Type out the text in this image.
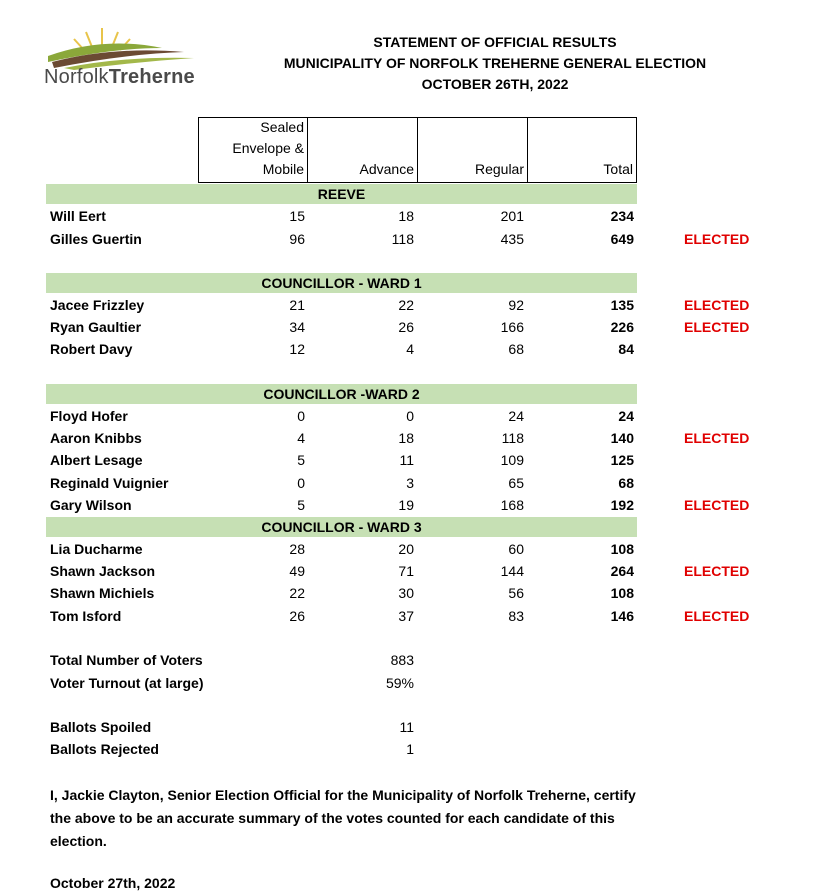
NorfolkTreherne
STATEMENT OF OFFICIAL RESULTS
MUNICIPALITY OF NORFOLK TREHERNE GENERAL ELECTION
OCTOBER 26TH, 2022
Sealed
Envelope &
Mobile	Advance	Regular	Total
REEVE
Will Eert	15	18	201	234
Gilles Guertin	96	118	435	649	ELECTED
COUNCILLOR - WARD 1
Jacee Frizzley	21	22	92	135	ELECTED
Ryan Gaultier	34	26	166	226	ELECTED
Robert Davy	12	4	68	84
COUNCILLOR -WARD 2
Floyd Hofer	0	0	24	24
Aaron Knibbs	4	18	118	140	ELECTED
Albert Lesage	5	11	109	125
Reginald Vuignier	0	3	65	68
Gary Wilson	5	19	168	192	ELECTED
COUNCILLOR - WARD 3
Lia Ducharme	28	20	60	108
Shawn Jackson	49	71	144	264	ELECTED
Shawn Michiels	22	30	56	108
Tom Isford	26	37	83	146	ELECTED
Total Number of Voters	883
Voter Turnout (at large)	59%
Ballots Spoiled	11
Ballots Rejected	1
I, Jackie Clayton, Senior Election Official for the Municipality of Norfolk Treherne, certify
the above to be an accurate summary of the votes counted for each candidate of this
election.
October 27th, 2022
